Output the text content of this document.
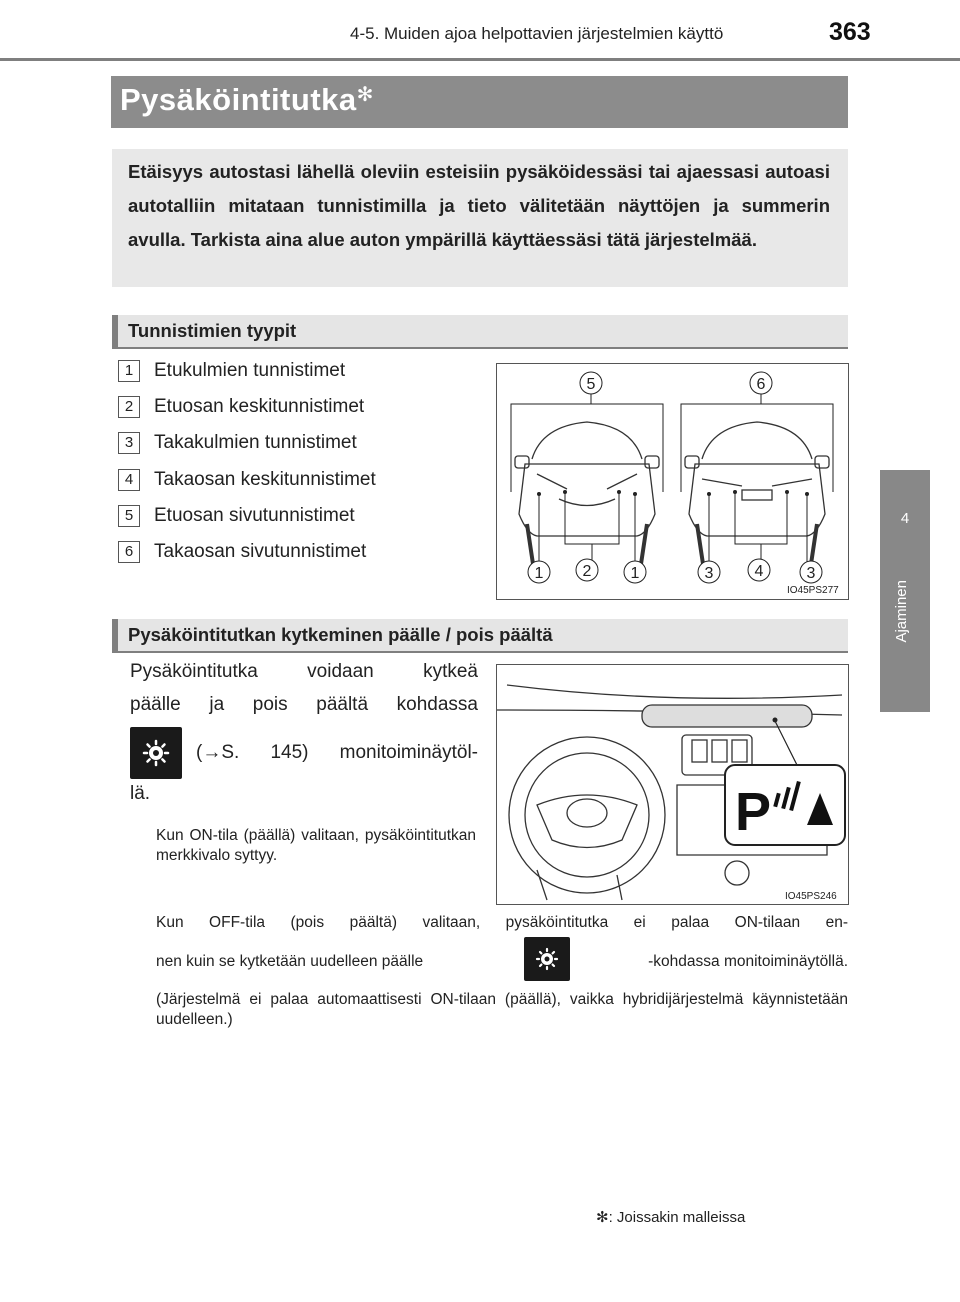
4-5. Muiden ajoa helpottavien järjestelmien käyttö	363
4
Ajaminen
Pysäköintitutka✻
Etäisyys autostasi lähellä oleviin esteisiin pysäköidessäsi tai ajaessasi autoasi autotalliin mitataan tunnistimilla ja tieto välitetään näyttöjen ja summerin avulla. Tarkista aina alue auton ympärillä käyttäessäsi tätä järjestelmää.
Tunnistimien tyypit
1 Etukulmien tunnistimet
2 Etuosan keskitunnistimet
3 Takakulmien tunnistimet
4 Takaosan keskitunnistimet
5 Etuosan sivutunnistimet
6 Takaosan sivutunnistimet
5	6
1 2 1	3	4	3
IO45PS277
Pysäköintitutkan kytkeminen päälle / pois päältä
Pysäköintitutka voidaan kytkeä
päälle ja pois päältä kohdassa
(→S. 145) monitoiminäytöl-
lä.
Kun ON-tila (päällä) valitaan, pysäköintitutkan merkkivalo syttyy.
P
IO45PS246
Kun OFF-tila (pois päältä) valitaan, pysäköintitutka ei palaa ON-tilaan en-
nen kuin se kytketään uudelleen päälle	-kohdassa monitoiminäytöllä.
(Järjestelmä ei palaa automaattisesti ON-tilaan (päällä), vaikka hybridijärjestelmä käynnistetään uudelleen.)
✻: Joissakin malleissa
